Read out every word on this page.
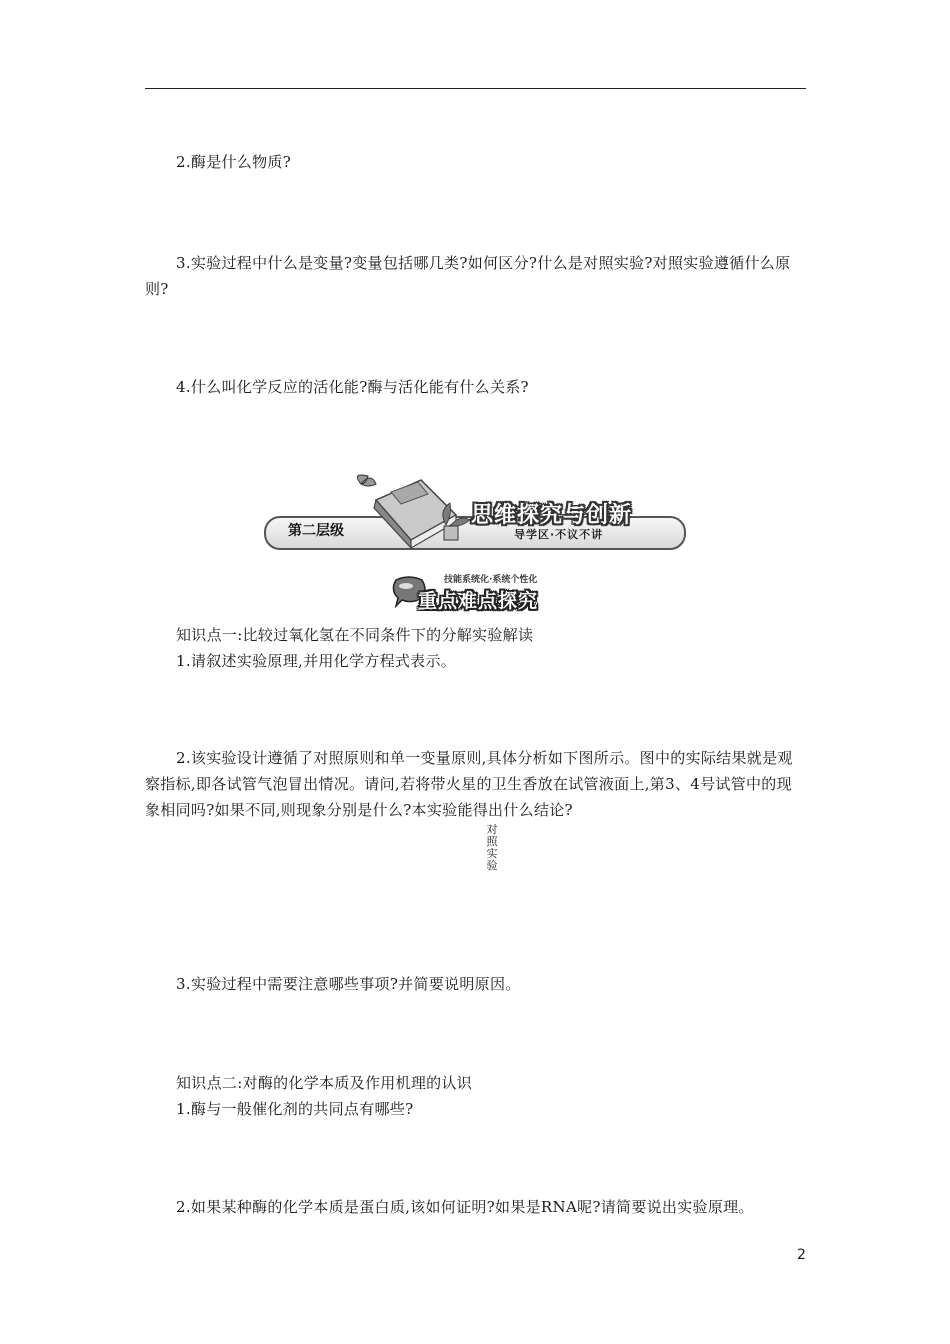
2.酶是什么物质?
3.实验过程中什么是变量?变量包括哪几类?如何区分?什么是对照实验?对照实验遵循什么原则?
4.什么叫化学反应的活化能?酶与活化能有什么关系?
第二层级
思维探究与创新
导学区·不议不讲
技能系统化·系统个性化
重点难点探究
知识点一:比较过氧化氢在不同条件下的分解实验解读
1.请叙述实验原理,并用化学方程式表示。
2.该实验设计遵循了对照原则和单一变量原则,具体分析如下图所示。图中的实际结果就是观察指标,即各试管气泡冒出情况。请问,若将带火星的卫生香放在试管液面上,第3、4号试管中的现象相同吗?如果不同,则现象分别是什么?本实验能得出什么结论?
对照实验
3.实验过程中需要注意哪些事项?并简要说明原因。
知识点二:对酶的化学本质及作用机理的认识
1.酶与一般催化剂的共同点有哪些?
2.如果某种酶的化学本质是蛋白质,该如何证明?如果是RNA呢?请简要说出实验原理。
2
